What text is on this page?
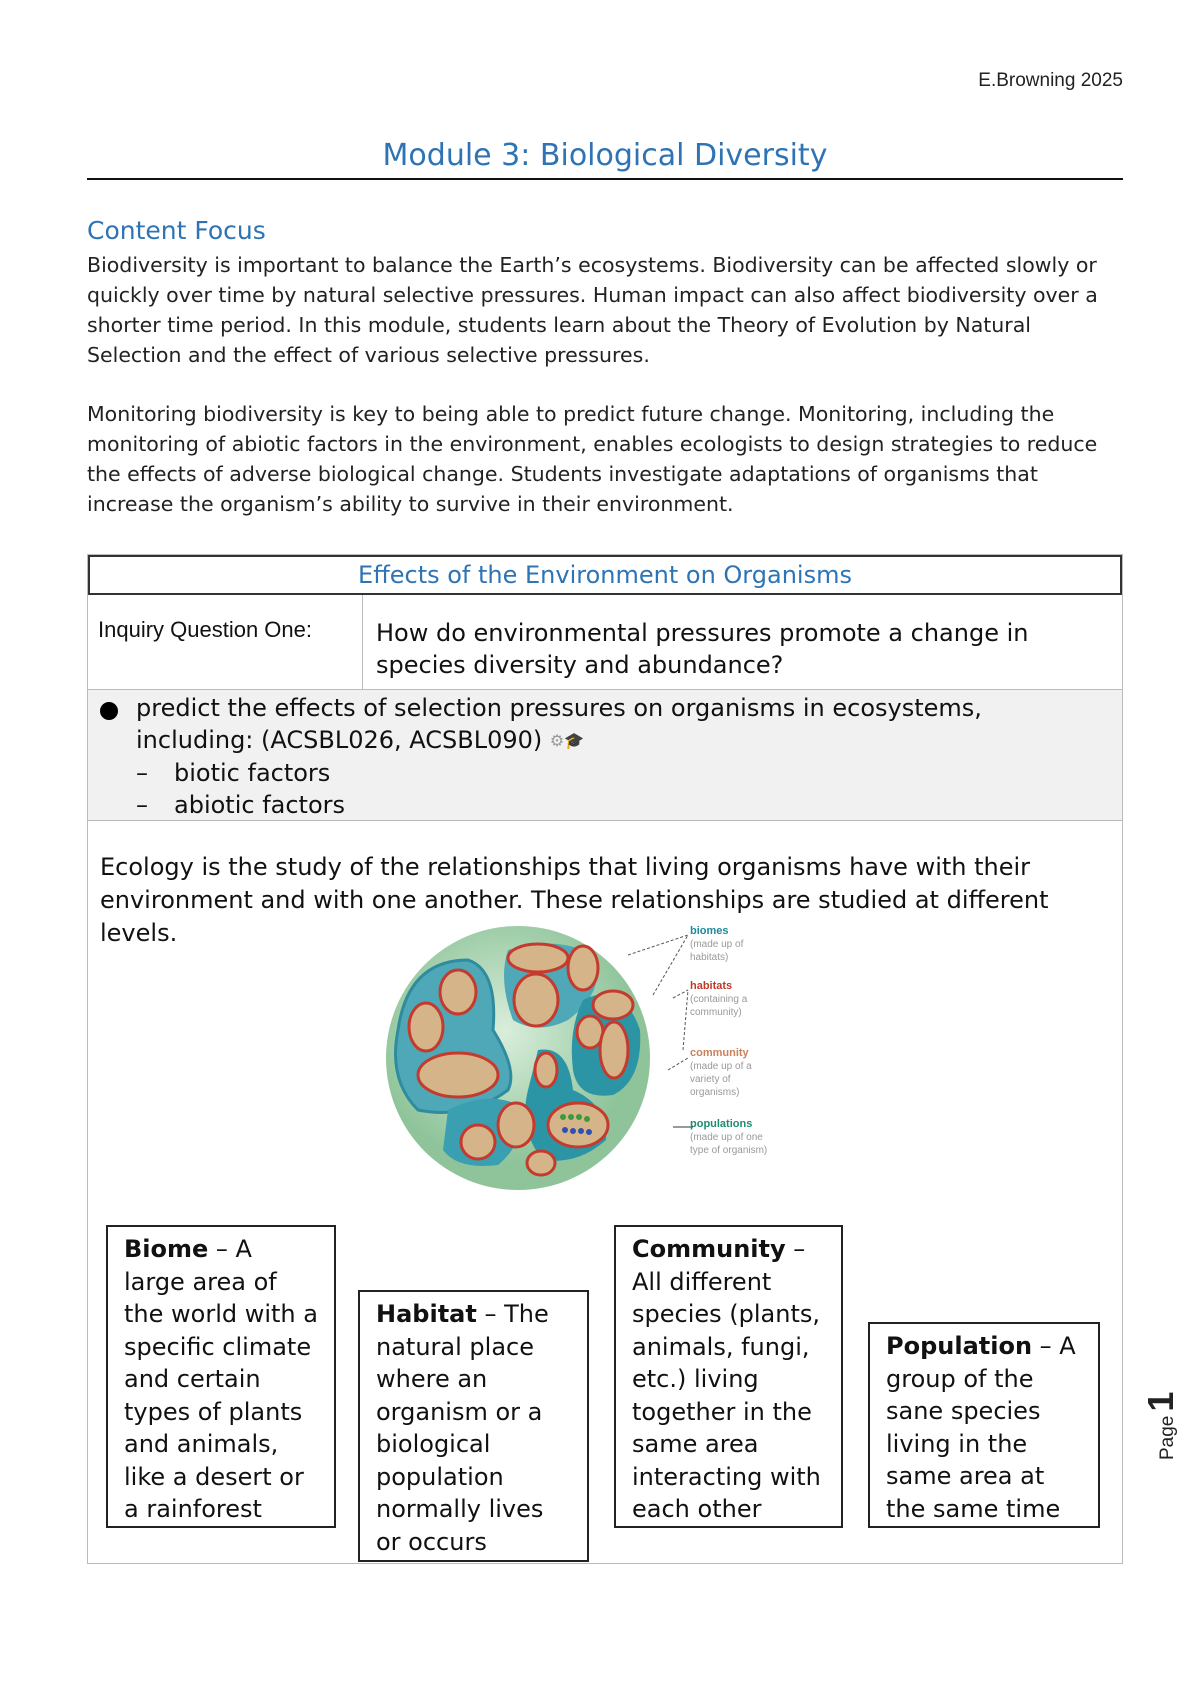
E.Browning 2025
Module 3: Biological Diversity
Content Focus
Biodiversity is important to balance the Earth’s ecosystems. Biodiversity can be affected slowly or quickly over time by natural selective pressures. Human impact can also affect biodiversity over a shorter time period. In this module, students learn about the Theory of Evolution by Natural Selection and the effect of various selective pressures.
Monitoring biodiversity is key to being able to predict future change. Monitoring, including the monitoring of abiotic factors in the environment, enables ecologists to design strategies to reduce the effects of adverse biological change. Students investigate adaptations of organisms that increase the organism’s ability to survive in their environment.
Effects of the Environment on Organisms
Inquiry Question One:	How do environmental pressures promote a change in species diversity and abundance?
predict the effects of selection pressures on organisms in ecosystems,
including: (ACSBL026, ACSBL090) ⚙🎓
– biotic factors
– abiotic factors
Ecology is the study of the relationships that living organisms have with their environment and with one another. These relationships are studied at different levels.	biomes
(made up of habitats)
habitats
(containing a community)
community
(made up of a variety of organisms)
populations
(made up of one type of organism)
Biome – A large area of the world with a specific climate and certain types of plants and animals, like a desert or a rainforest
Habitat – The natural place where an organism or a biological population normally lives or occurs
Community – All different species (plants, animals, fungi, etc.) living together in the same area interacting with each other
Population – A group of the sane species living in the same area at the same time
Page1
